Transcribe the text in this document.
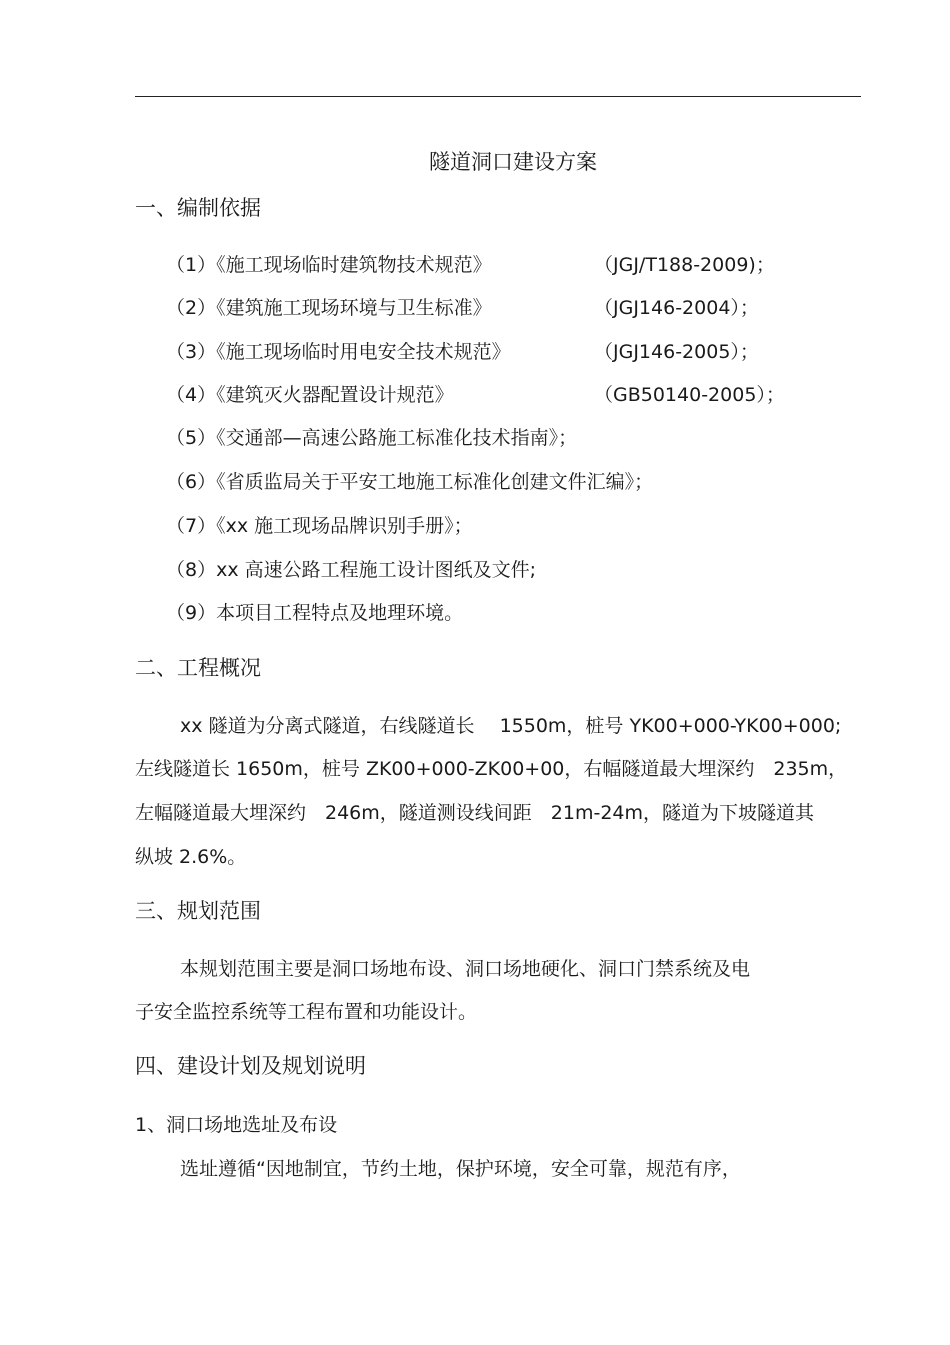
隧道洞口建设方案
一、编制依据
（1）《施工现场临时建筑物技术规范》	（JGJ/T188-2009)；
（2）《建筑施工现场环境与卫生标准》	（JGJ146-2004）；
（3）《施工现场临时用电安全技术规范》	（JGJ146-2005）；
（4）《建筑灭火器配置设计规范》	（GB50140-2005）；
（5）《交通部—高速公路施工标准化技术指南》；
（6）《省质监局关于平安工地施工标准化创建文件汇编》；
（7）《xx 施工现场品牌识别手册》；
（8）xx 高速公路工程施工设计图纸及文件;
（9）本项目工程特点及地理环境。
二、工程概况
xx 隧道为分离式隧道，右线隧道长　 1550m，桩号 YK00+000-YK00+000;
左线隧道长 1650m，桩号 ZK00+000-ZK00+00，右幅隧道最大埋深约　235m，
左幅隧道最大埋深约　246m，隧道测设线间距　21m-24m，隧道为下坡隧道其
纵坡 2.6%。
三、规划范围
本规划范围主要是洞口场地布设、洞口场地硬化、洞口门禁系统及电
子安全监控系统等工程布置和功能设计。
四、建设计划及规划说明
1、洞口场地选址及布设
选址遵循“因地制宜，节约土地，保护环境，安全可靠，规范有序，
